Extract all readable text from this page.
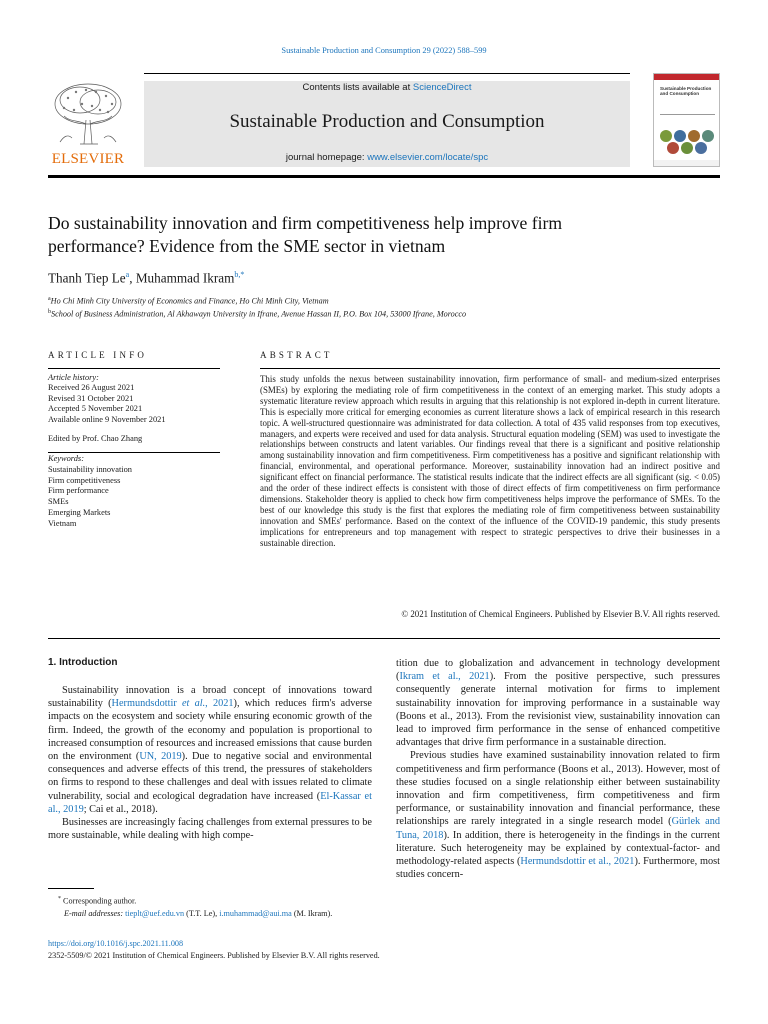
Sustainable Production and Consumption 29 (2022) 588–599
ELSEVIER
Contents lists available at ScienceDirect
Sustainable Production and Consumption
journal homepage: www.elsevier.com/locate/spc
Sustainable Production and Consumption
Do sustainability innovation and firm competitiveness help improve firm performance? Evidence from the SME sector in vietnam
Thanh Tiep Le$^a$, Muhammad Ikram$^{b,*}$
$^a$Ho Chi Minh City University of Economics and Finance, Ho Chi Minh City, Vietnam
$^b$School of Business Administration, Al Akhawayn University in Ifrane, Avenue Hassan II, P.O. Box 104, 53000 Ifrane, Morocco
ARTICLE INFO	ABSTRACT
Article history:
Received 26 August 2021
Revised 31 October 2021
Accepted 5 November 2021
Available online 9 November 2021
Edited by Prof. Chao Zhang
Keywords:
Sustainability innovation
Firm competitiveness
Firm performance
SMEs
Emerging Markets
Vietnam
This study unfolds the nexus between sustainability innovation, firm performance of small- and medium-sized enterprises (SMEs) by exploring the mediating role of firm competitiveness in the context of an emerging market. This study adopts a systematic literature review approach which results in arguing that this relationship is not explored in-depth in current literature. This is especially more critical for emerging economies as current literature shows a lack of empirical research in this research topic. A well-structured questionnaire was administrated for data collection. A total of 435 valid responses from top executives, managers, and experts were received and used for data analysis. Structural equation modeling (SEM) was used to investigate the relationships between constructs and latent variables. Our findings reveal that there is a significant and positive relationship among sustainability innovation and firm competitiveness. Firm competitiveness has a positive and significant relationship with financial, environmental, and operational performance. Moreover, sustainability innovation had an indirect positive and significant effect on financial performance. The statistical results indicate that the indirect effects are all significant (sig. < 0.05) and the order of these indirect effects is consistent with those of direct effects of firm competitiveness on firm performance dimensions. Stakeholder theory is applied to check how firm competitiveness helps improve the performance of SMEs. To the best of our knowledge this study is the first that explores the mediating role of firm competitiveness between sustainability innovation and SMEs' performance. Based on the context of the influence of the COVID-19 pandemic, this study presents implications for entrepreneurs and top management with respect to strategic perspectives to drive their businesses in a sustainable direction.
© 2021 Institution of Chemical Engineers. Published by Elsevier B.V. All rights reserved.
1. Introduction

Sustainability innovation is a broad concept of innovations toward sustainability (Hermundsdottir et al., 2021), which reduces firm's adverse impacts on the ecosystem and society while ensuring economic growth of the firm. Indeed, the growth of the economy and population is proportional to increased consumption of resources and increased emissions that cause burden on the environment (UN, 2019). Due to negative social and environmental consequences and adverse effects of this trend, the pressures of stakeholders on firms to respond to these challenges and deal with issues related to climate vulnerability, social and ecological degradation have increased (El-Kassar et al., 2019; Cai et al., 2018).

Businesses are increasingly facing challenges from external pressures to be more sustainable, while dealing with high compe-

tition due to globalization and advancement in technology development (Ikram et al., 2021). From the positive perspective, such pressures consequently generate internal motivation for firms to implement sustainability innovation for improving performance in a sustainable way (Boons et al., 2013). From the revisionist view, sustainability innovation can lead to improved firm performance in the sense of enhanced competitive advantages that drive firm performance in a sustainable direction.

Previous studies have examined sustainability innovation related to firm competitiveness and firm performance (Boons et al., 2013). However, most of these studies focused on a single relationship either between sustainability innovation and firm competitiveness, firm competitiveness and firm performance, or sustainability innovation and financial performance, these relationships are rarely integrated in a single research model (Gürlek and Tuna, 2018). In addition, there is heterogeneity in the findings in the current literature. Such heterogeneity may be explained by contextual-factor- and methodology-related aspects (Hermundsdottir et al., 2021). Furthermore, most studies concern-

* Corresponding author.
E-mail addresses: tieplt@uef.edu.vn (T.T. Le), i.muhammad@aui.ma (M. Ikram).
https://doi.org/10.1016/j.spc.2021.11.008
2352-5509/© 2021 Institution of Chemical Engineers. Published by Elsevier B.V. All rights reserved.
